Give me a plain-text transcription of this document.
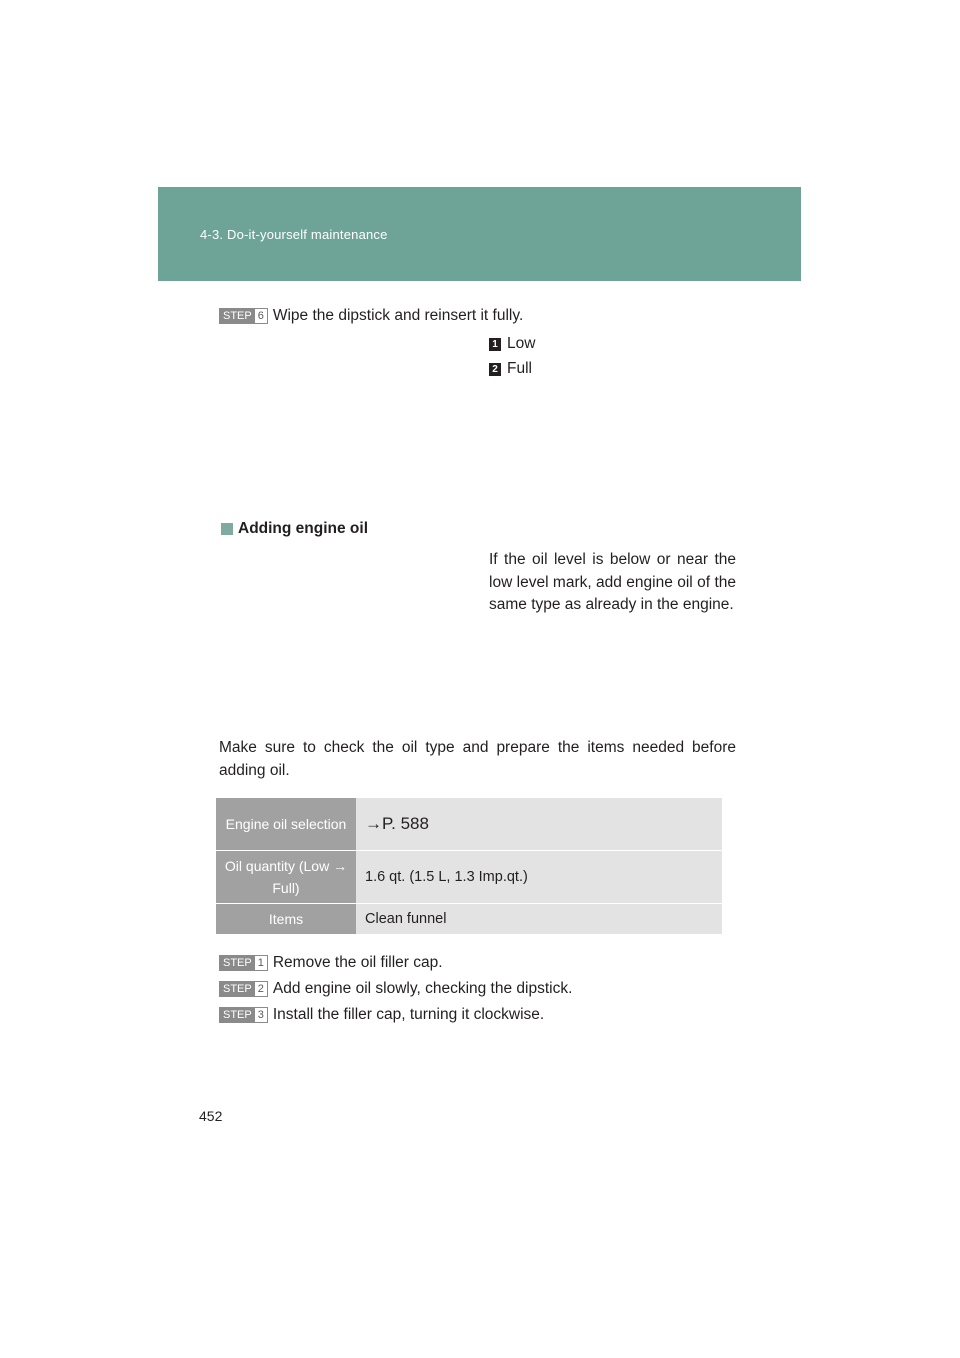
4-3. Do-it-yourself maintenance
STEP 6 Wipe the dipstick and reinsert it fully.
1 Low
2 Full
Adding engine oil
If the oil level is below or near the low level mark, add engine oil of the same type as already in the engine.
Make sure to check the oil type and prepare the items needed before adding oil.
Engine oil selection	→P. 588
Oil quantity (Low → Full)
1.6 qt. (1.5 L, 1.3 Imp.qt.)
Items	Clean funnel
STEP 1 Remove the oil filler cap.
STEP 2 Add engine oil slowly, checking the dipstick.
STEP 3 Install the filler cap, turning it clockwise.
452
